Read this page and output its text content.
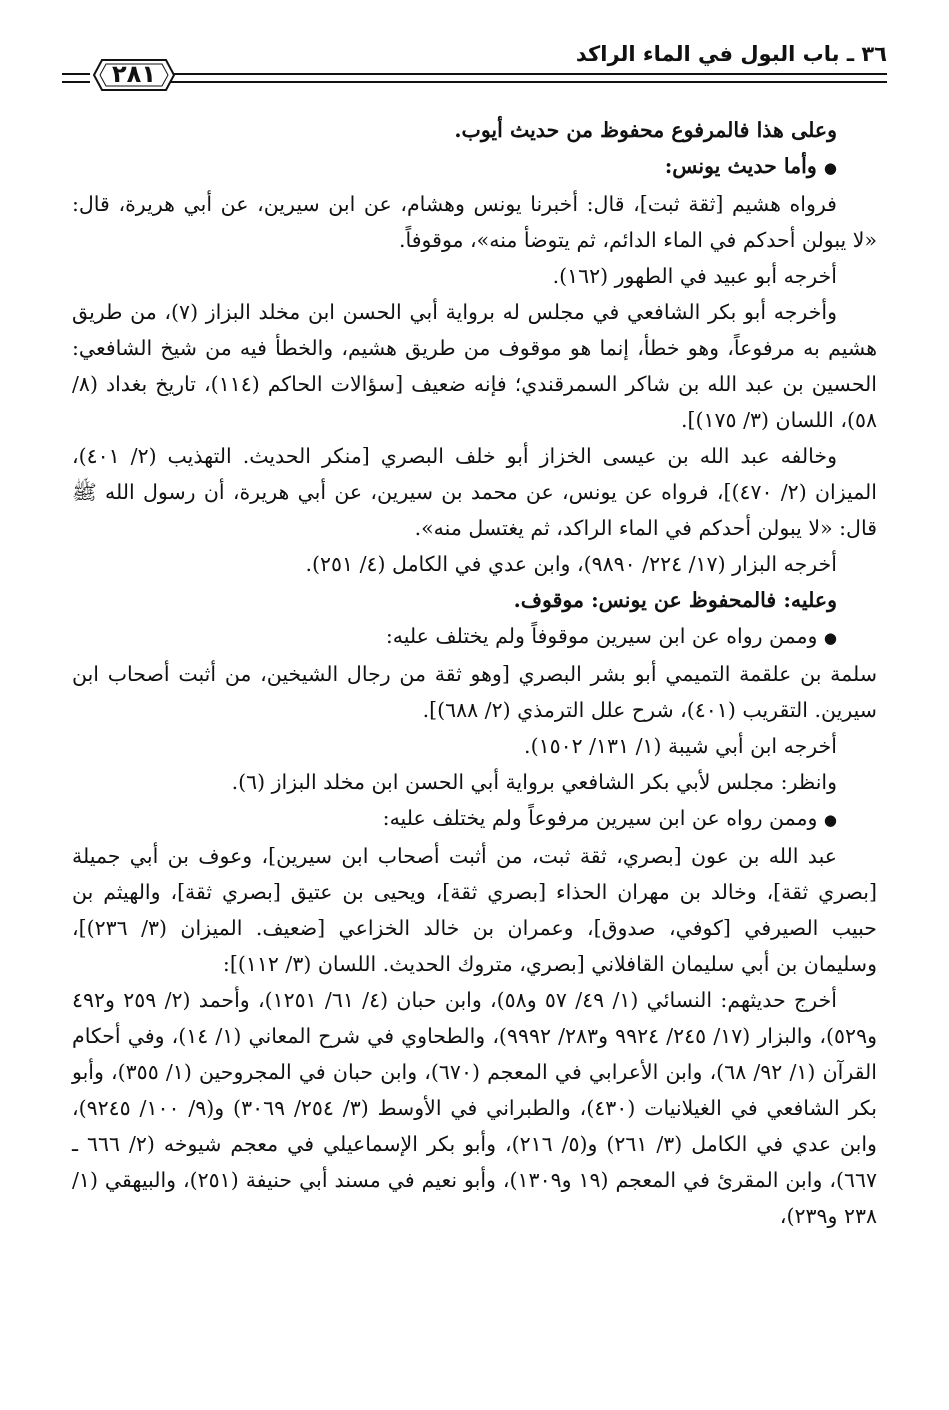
٣٦ ـ باب البول في الماء الراكد
٢٨١

وعلى هذا فالمرفوع محفوظ من حديث أيوب.

● وأما حديث يونس:

فرواه هشيم [ثقة ثبت]، قال: أخبرنا يونس وهشام، عن ابن سيرين، عن أبي هريرة، قال: «لا يبولن أحدكم في الماء الدائم، ثم يتوضأ منه»، موقوفاً.

أخرجه أبو عبيد في الطهور (١٦٢).

وأخرجه أبو بكر الشافعي في مجلس له برواية أبي الحسن ابن مخلد البزاز (٧)، من طريق هشيم به مرفوعاً، وهو خطأ، إنما هو موقوف من طريق هشيم، والخطأ فيه من شيخ الشافعي: الحسين بن عبد الله بن شاكر السمرقندي؛ فإنه ضعيف [سؤالات الحاكم (١١٤)، تاريخ بغداد (٨/ ٥٨)، اللسان (٣/ ١٧٥)].

وخالفه عبد الله بن عيسى الخزاز أبو خلف البصري [منكر الحديث. التهذيب (٢/ ٤٠١)، الميزان (٢/ ٤٧٠)]، فرواه عن يونس، عن محمد بن سيرين، عن أبي هريرة، أن رسول الله ﷺ قال: «لا يبولن أحدكم في الماء الراكد، ثم يغتسل منه».

أخرجه البزار (١٧/ ٢٢٤/ ٩٨٩٠)، وابن عدي في الكامل (٤/ ٢٥١).

وعليه: فالمحفوظ عن يونس: موقوف.

● وممن رواه عن ابن سيرين موقوفاً ولم يختلف عليه:

سلمة بن علقمة التميمي أبو بشر البصري [وهو ثقة من رجال الشيخين، من أثبت أصحاب ابن سيرين. التقريب (٤٠١)، شرح علل الترمذي (٢/ ٦٨٨)].

أخرجه ابن أبي شيبة (١/ ١٣١/ ١٥٠٢).

وانظر: مجلس لأبي بكر الشافعي برواية أبي الحسن ابن مخلد البزاز (٦).

● وممن رواه عن ابن سيرين مرفوعاً ولم يختلف عليه:

عبد الله بن عون [بصري، ثقة ثبت، من أثبت أصحاب ابن سيرين]، وعوف بن أبي جميلة [بصري ثقة]، وخالد بن مهران الحذاء [بصري ثقة]، ويحيى بن عتيق [بصري ثقة]، والهيثم بن حبيب الصيرفي [كوفي، صدوق]، وعمران بن خالد الخزاعي [ضعيف. الميزان (٣/ ٢٣٦)]، وسليمان بن أبي سليمان القافلاني [بصري، متروك الحديث. اللسان (٣/ ١١٢)]:

أخرج حديثهم: النسائي (١/ ٤٩/ ٥٧ و٥٨)، وابن حبان (٤/ ٦١/ ١٢٥١)، وأحمد (٢/ ٢٥٩ و٤٩٢ و٥٢٩)، والبزار (١٧/ ٢٤٥/ ٩٩٢٤ و٢٨٣/ ٩٩٩٢)، والطحاوي في شرح المعاني (١/ ١٤)، وفي أحكام القرآن (١/ ٩٢/ ٦٨)، وابن الأعرابي في المعجم (٦٧٠)، وابن حبان في المجروحين (١/ ٣٥٥)، وأبو بكر الشافعي في الغيلانيات (٤٣٠)، والطبراني في الأوسط (٣/ ٢٥٤/ ٣٠٦٩) و(٩/ ١٠٠/ ٩٢٤٥)، وابن عدي في الكامل (٣/ ٢٦١) و(٥/ ٢١٦)، وأبو بكر الإسماعيلي في معجم شيوخه (٢/ ٦٦٦ ـ ٦٦٧)، وابن المقرئ في المعجم (١٩ و١٣٠٩)، وأبو نعيم في مسند أبي حنيفة (٢٥١)، والبيهقي (١/ ٢٣٨ و٢٣٩)،
